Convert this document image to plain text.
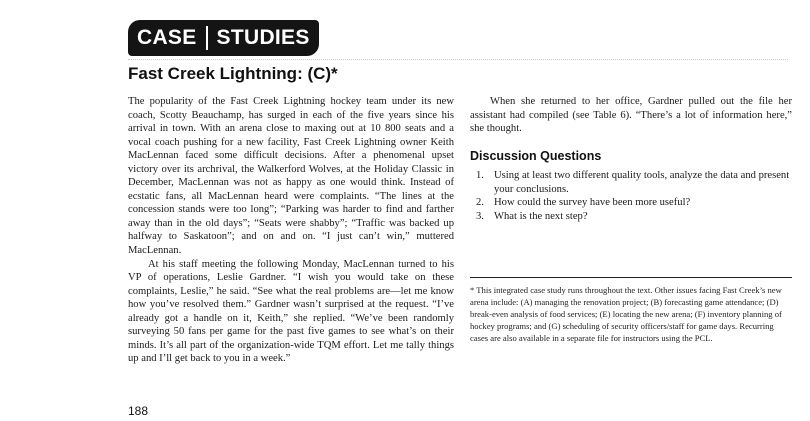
CASE STUDIES
Fast Creek Lightning: (C)*

The popularity of the Fast Creek Lightning hockey team under its new coach, Scotty Beauchamp, has surged in each of the five years since his arrival in town. With an arena close to maxing out at 10 800 seats and a vocal coach pushing for a new facility, Fast Creek Lightning owner Keith MacLennan faced some difficult decisions. After a phenomenal upset victory over its archrival, the Walkerford Wolves, at the Holiday Classic in December, MacLennan was not as happy as one would think. Instead of ecstatic fans, all MacLennan heard were complaints. “The lines at the concession stands were too long”; “Parking was harder to find and farther away than in the old days”; “Seats were shabby”; “Traffic was backed up halfway to Saskatoon”; and on and on. “I just can’t win,” muttered MacLennan.

At his staff meeting the following Monday, MacLennan turned to his VP of operations, Leslie Gardner. “I wish you would take on these complaints, Leslie,” he said. “See what the real problems are—let me know how you’ve resolved them.” Gardner wasn’t surprised at the request. “I’ve already got a handle on it, Keith,” she replied. “We’ve been randomly surveying 50 fans per game for the past five games to see what’s on their minds. It’s all part of the organization-wide TQM effort. Let me tally things up and I’ll get back to you in a week.”

When she returned to her office, Gardner pulled out the file her assistant had compiled (see Table 6). “There’s a lot of information here,” she thought.

Discussion Questions
1. Using at least two different quality tools, analyze the data and present your conclusions.
2. How could the survey have been more useful?
3. What is the next step?
* This integrated case study runs throughout the text. Other issues facing Fast Creek’s new arena include: (A) managing the renovation project; (B) forecasting game attendance; (D) break-even analysis of food services; (E) locating the new arena; (F) inventory planning of hockey programs; and (G) scheduling of security officers/staff for game days. Recurring cases are also available in a separate file for instructors using the PCL.
188
